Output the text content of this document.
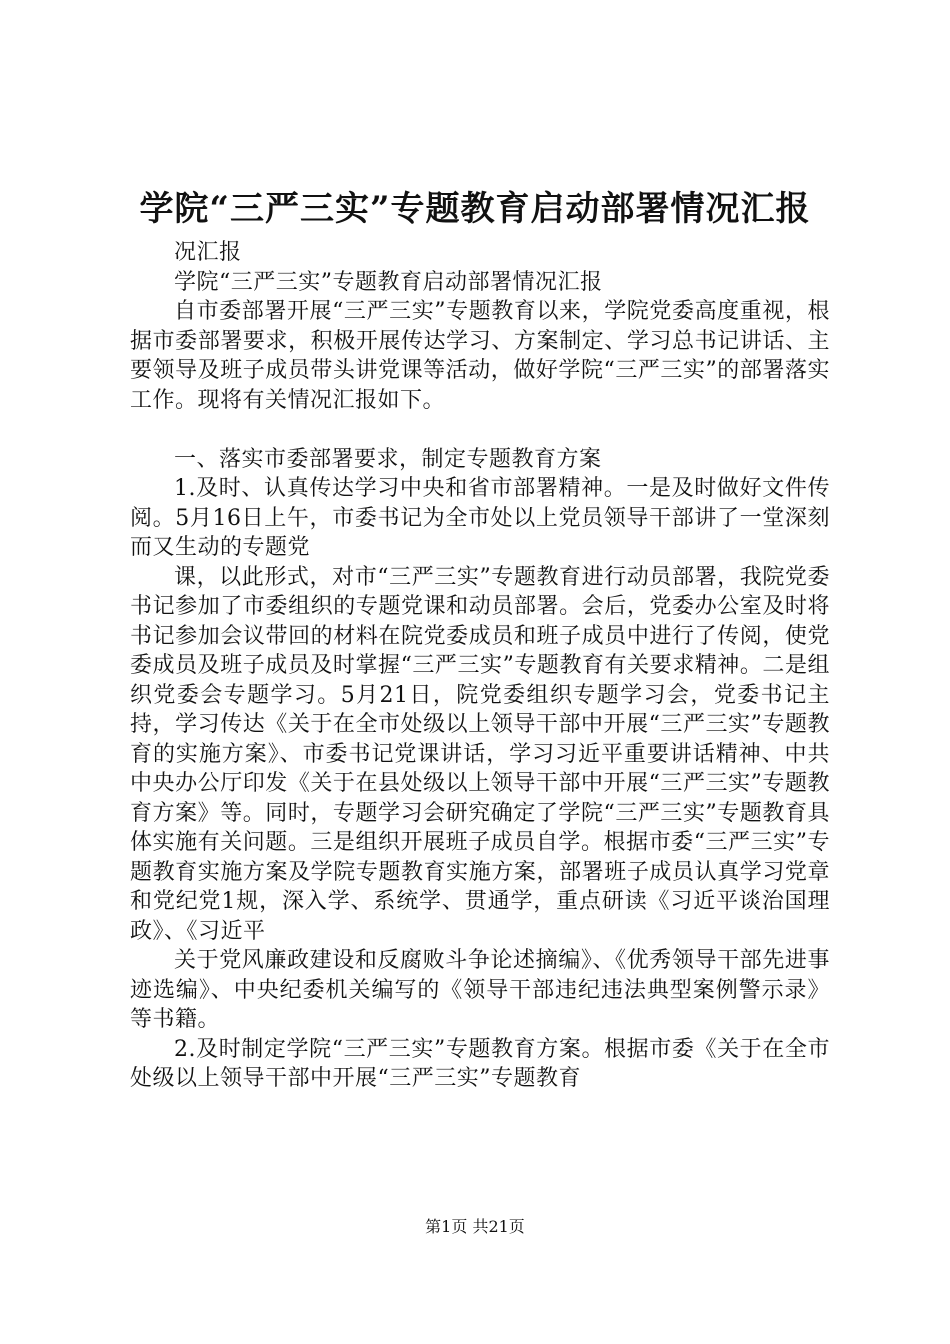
学院“三严三实”专题教育启动部署情况汇报

况汇报

学院“三严三实”专题教育启动部署情况汇报

自市委部署开展“三严三实”专题教育以来，学院党委高度重视，根据市委部署要求，积极开展传达学习、方案制定、学习总书记讲话、主要领导及班子成员带头讲党课等活动，做好学院“三严三实”的部署落实工作。现将有关情况汇报如下。

一、落实市委部署要求，制定专题教育方案

1.及时、认真传达学习中央和省市部署精神。一是及时做好文件传阅。5月16日上午，市委书记为全市处以上党员领导干部讲了一堂深刻而又生动的专题党

课，以此形式，对市“三严三实”专题教育进行动员部署，我院党委书记参加了市委组织的专题党课和动员部署。会后，党委办公室及时将书记参加会议带回的材料在院党委成员和班子成员中进行了传阅，使党委成员及班子成员及时掌握“三严三实”专题教育有关要求精神。二是组织党委会专题学习。5月21日，院党委组织专题学习会，党委书记主持，学习传达《关于在全市处级以上领导干部中开展“三严三实”专题教育的实施方案》、市委书记党课讲话，学习习近平重要讲话精神、中共中央办公厅印发《关于在县处级以上领导干部中开展“三严三实”专题教育方案》等。同时，专题学习会研究确定了学院“三严三实”专题教育具体实施有关问题。三是组织开展班子成员自学。根据市委“三严三实”专题教育实施方案及学院专题教育实施方案，部署班子成员认真学习党章和党纪党1规，深入学、系统学、贯通学，重点研读《习近平谈治国理政》、《习近平

关于党风廉政建设和反腐败斗争论述摘编》、《优秀领导干部先进事迹选编》、中央纪委机关编写的《领导干部违纪违法典型案例警示录》等书籍。

2.及时制定学院“三严三实”专题教育方案。根据市委《关于在全市处级以上领导干部中开展“三严三实”专题教育

第1页 共21页
